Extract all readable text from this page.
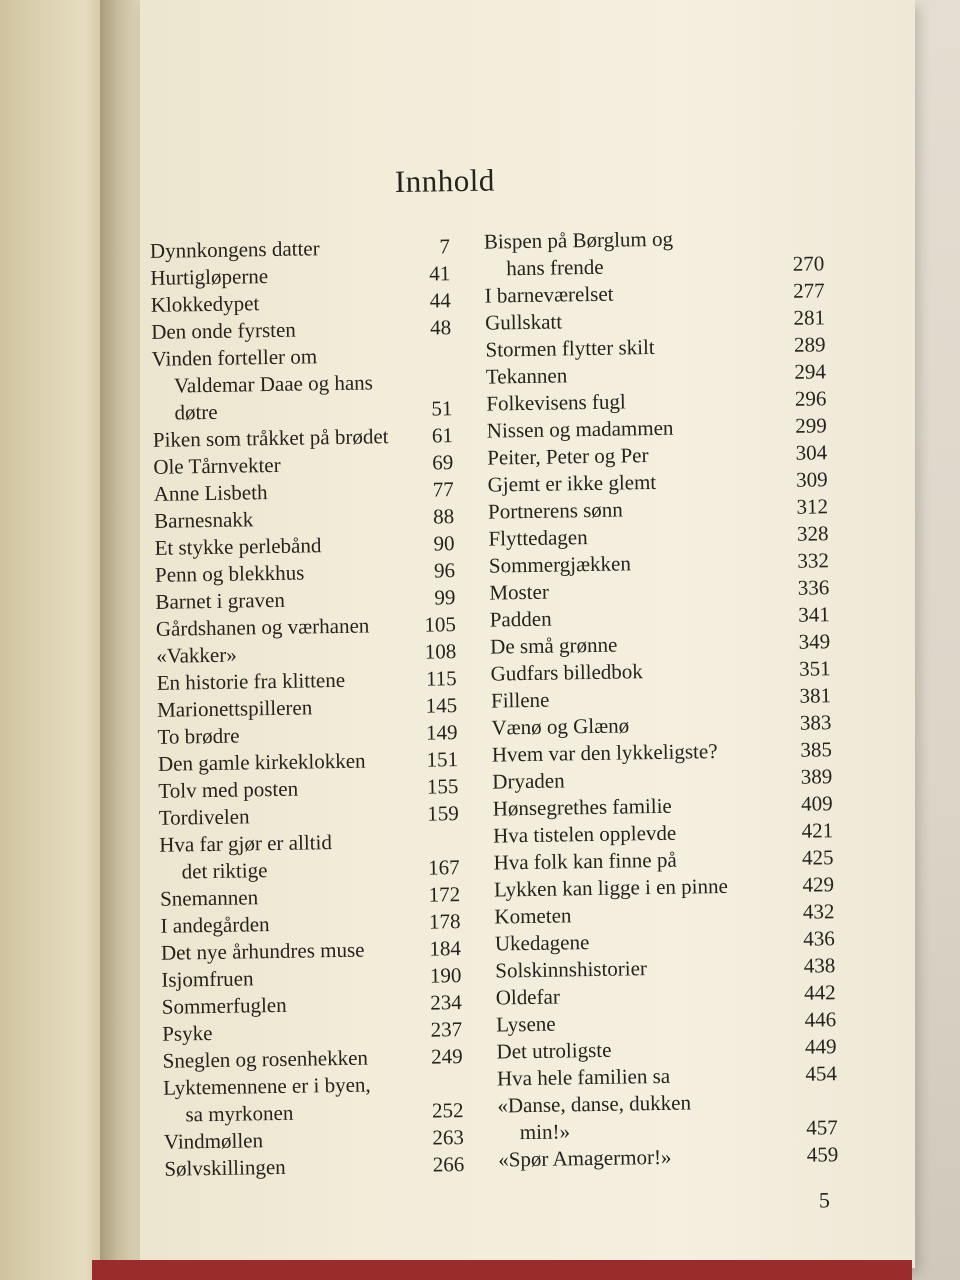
Innhold
Dynnkongens datter	7
Hurtigløperne	41
Klokkedypet	44
Den onde fyrsten	48
Vinden forteller om
Valdemar Daae og hans
døtre	51
Piken som tråkket på brødet 61
Ole Tårnvekter	69
Anne Lisbeth	77
Barnesnakk	88
Et stykke perlebånd	90
Penn og blekkhus	96
Barnet i graven	99
Gårdshanen og værhanen	105
«Vakker»	108
En historie fra klittene	115
Marionettspilleren	145
To brødre	149
Den gamle kirkeklokken	151
Tolv med posten	155
Tordivelen	159
Hva far gjør er alltid
det riktige	167
Snemannen	172
I andegården	178
Det nye århundres muse	184
Isjomfruen	190
Sommerfuglen	234
Psyke	237
Sneglen og rosenhekken	249
Lyktemennene er i byen,
sa myrkonen	252
Vindmøllen	263
Sølvskillingen	266
Bispen på Børglum og
hans frende	270
I barneværelset	277
Gullskatt	281
Stormen flytter skilt	289
Tekannen	294
Folkevisens fugl	296
Nissen og madammen	299
Peiter, Peter og Per	304
Gjemt er ikke glemt	309
Portnerens sønn	312
Flyttedagen	328
Sommergjækken	332
Moster	336
Padden	341
De små grønne	349
Gudfars billedbok	351
Fillene	381
Vænø og Glænø	383
Hvem var den lykkeligste?	385
Dryaden	389
Hønsegrethes familie	409
Hva tistelen opplevde	421
Hva folk kan finne på	425
Lykken kan ligge i en pinne	429
Kometen	432
Ukedagene	436
Solskinnshistorier	438
Oldefar	442
Lysene	446
Det utroligste	449
Hva hele familien sa	454
«Danse, danse, dukken
min!»	457
«Spør Amagermor!»	459
5
